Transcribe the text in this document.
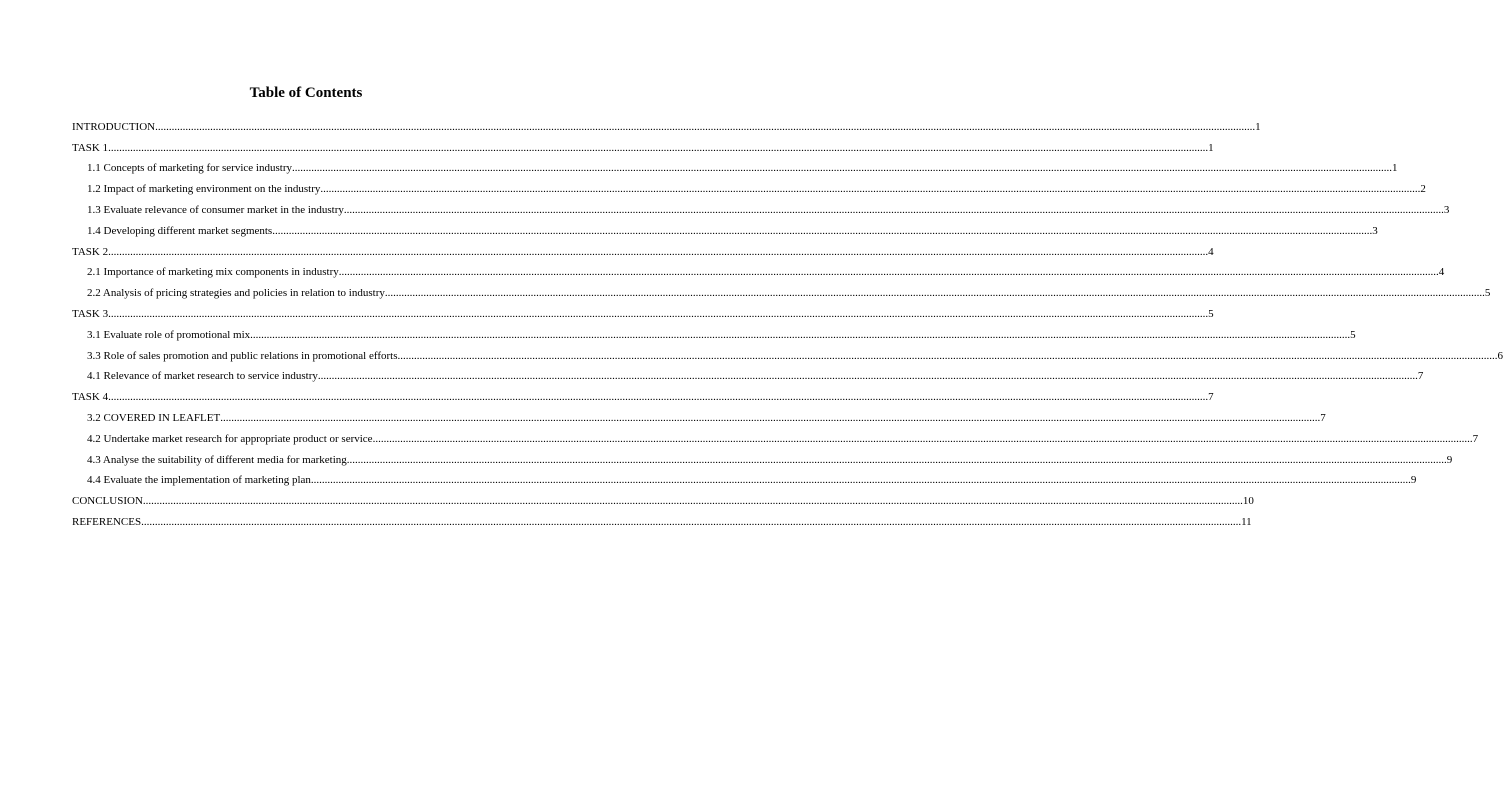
Table of Contents
INTRODUCTION ................................................................................................................................................................................................................................................................................................................................................................................................................ 1
TASK 1 ................................................................................................................................................................................................................................................................................................................................................................................................................ 1
1.1 Concepts of marketing for service industry ................................................................................................................................................................................................................................................................................................................................................................................................................ 1
1.2 Impact of marketing environment on the industry ................................................................................................................................................................................................................................................................................................................................................................................................................ 2
1.3 Evaluate relevance of consumer market in the industry ................................................................................................................................................................................................................................................................................................................................................................................................................ 3
1.4 Developing different market segments ................................................................................................................................................................................................................................................................................................................................................................................................................ 3
TASK 2 ................................................................................................................................................................................................................................................................................................................................................................................................................ 4
2.1 Importance of marketing mix components in industry ................................................................................................................................................................................................................................................................................................................................................................................................................ 4
2.2 Analysis of pricing strategies and policies in relation to industry ................................................................................................................................................................................................................................................................................................................................................................................................................ 5
TASK 3 ................................................................................................................................................................................................................................................................................................................................................................................................................ 5
3.1 Evaluate role of promotional mix ................................................................................................................................................................................................................................................................................................................................................................................................................ 5
3.3 Role of sales promotion and public relations in promotional efforts ................................................................................................................................................................................................................................................................................................................................................................................................................ 6
4.1 Relevance of market research to service industry ................................................................................................................................................................................................................................................................................................................................................................................................................ 7
TASK 4 ................................................................................................................................................................................................................................................................................................................................................................................................................ 7
3.2 COVERED IN LEAFLET ................................................................................................................................................................................................................................................................................................................................................................................................................ 7
4.2 Undertake market research for appropriate product or service ................................................................................................................................................................................................................................................................................................................................................................................................................ 7
4.3 Analyse the suitability of different media for marketing ................................................................................................................................................................................................................................................................................................................................................................................................................ 9
4.4 Evaluate the implementation of marketing plan ................................................................................................................................................................................................................................................................................................................................................................................................................ 9
CONCLUSION ................................................................................................................................................................................................................................................................................................................................................................................................................ 10
REFERENCES ................................................................................................................................................................................................................................................................................................................................................................................................................ 11
